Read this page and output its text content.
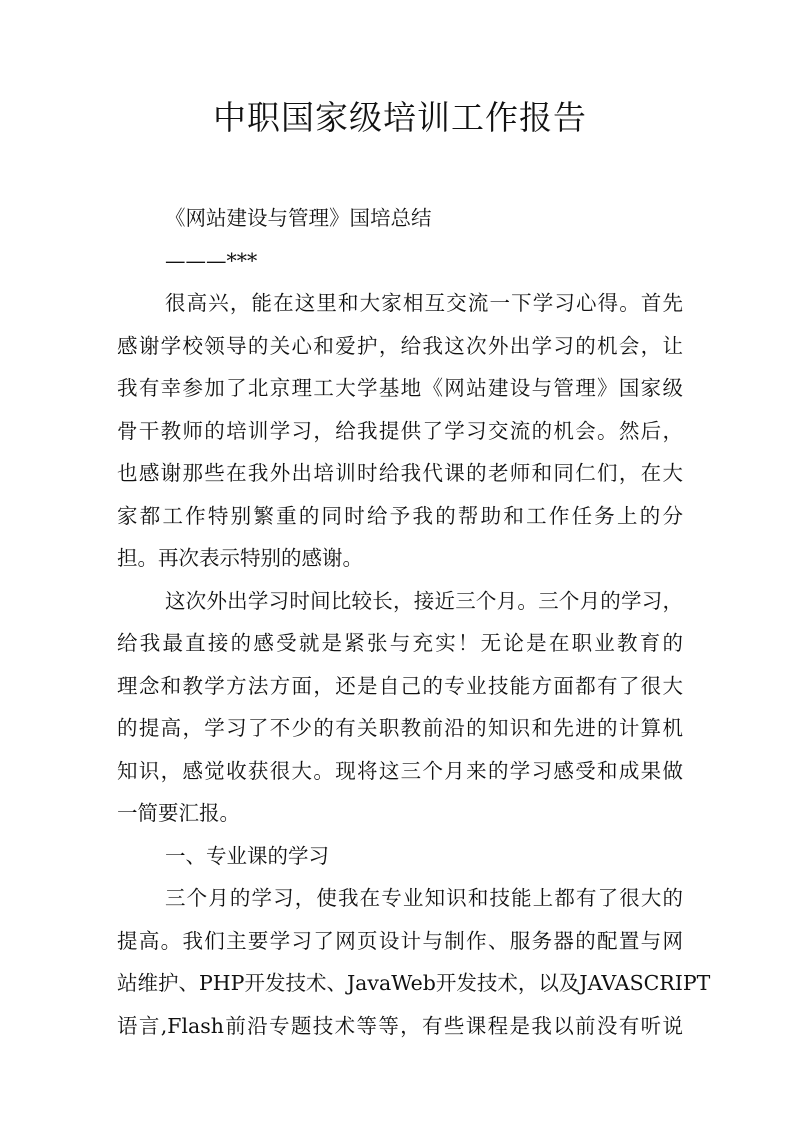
中职国家级培训工作报告

《网站建设与管理》国培总结

———***

很高兴，能在这里和大家相互交流一下学习心得。首先

感谢学校领导的关心和爱护，给我这次外出学习的机会，让

我有幸参加了北京理工大学基地《网站建设与管理》国家级

骨干教师的培训学习，给我提供了学习交流的机会。然后，

也感谢那些在我外出培训时给我代课的老师和同仁们，在大

家都工作特别繁重的同时给予我的帮助和工作任务上的分

担。再次表示特别的感谢。

这次外出学习时间比较长，接近三个月。三个月的学习，

给我最直接的感受就是紧张与充实！无论是在职业教育的

理念和教学方法方面，还是自己的专业技能方面都有了很大

的提高，学习了不少的有关职教前沿的知识和先进的计算机

知识，感觉收获很大。现将这三个月来的学习感受和成果做

一简要汇报。

一、专业课的学习

三个月的学习，使我在专业知识和技能上都有了很大的

提高。我们主要学习了网页设计与制作、服务器的配置与网

站维护、PHP开发技术、JavaWeb开发技术，以及JAVASCRIPT

语言,Flash前沿专题技术等等，有些课程是我以前没有听说
